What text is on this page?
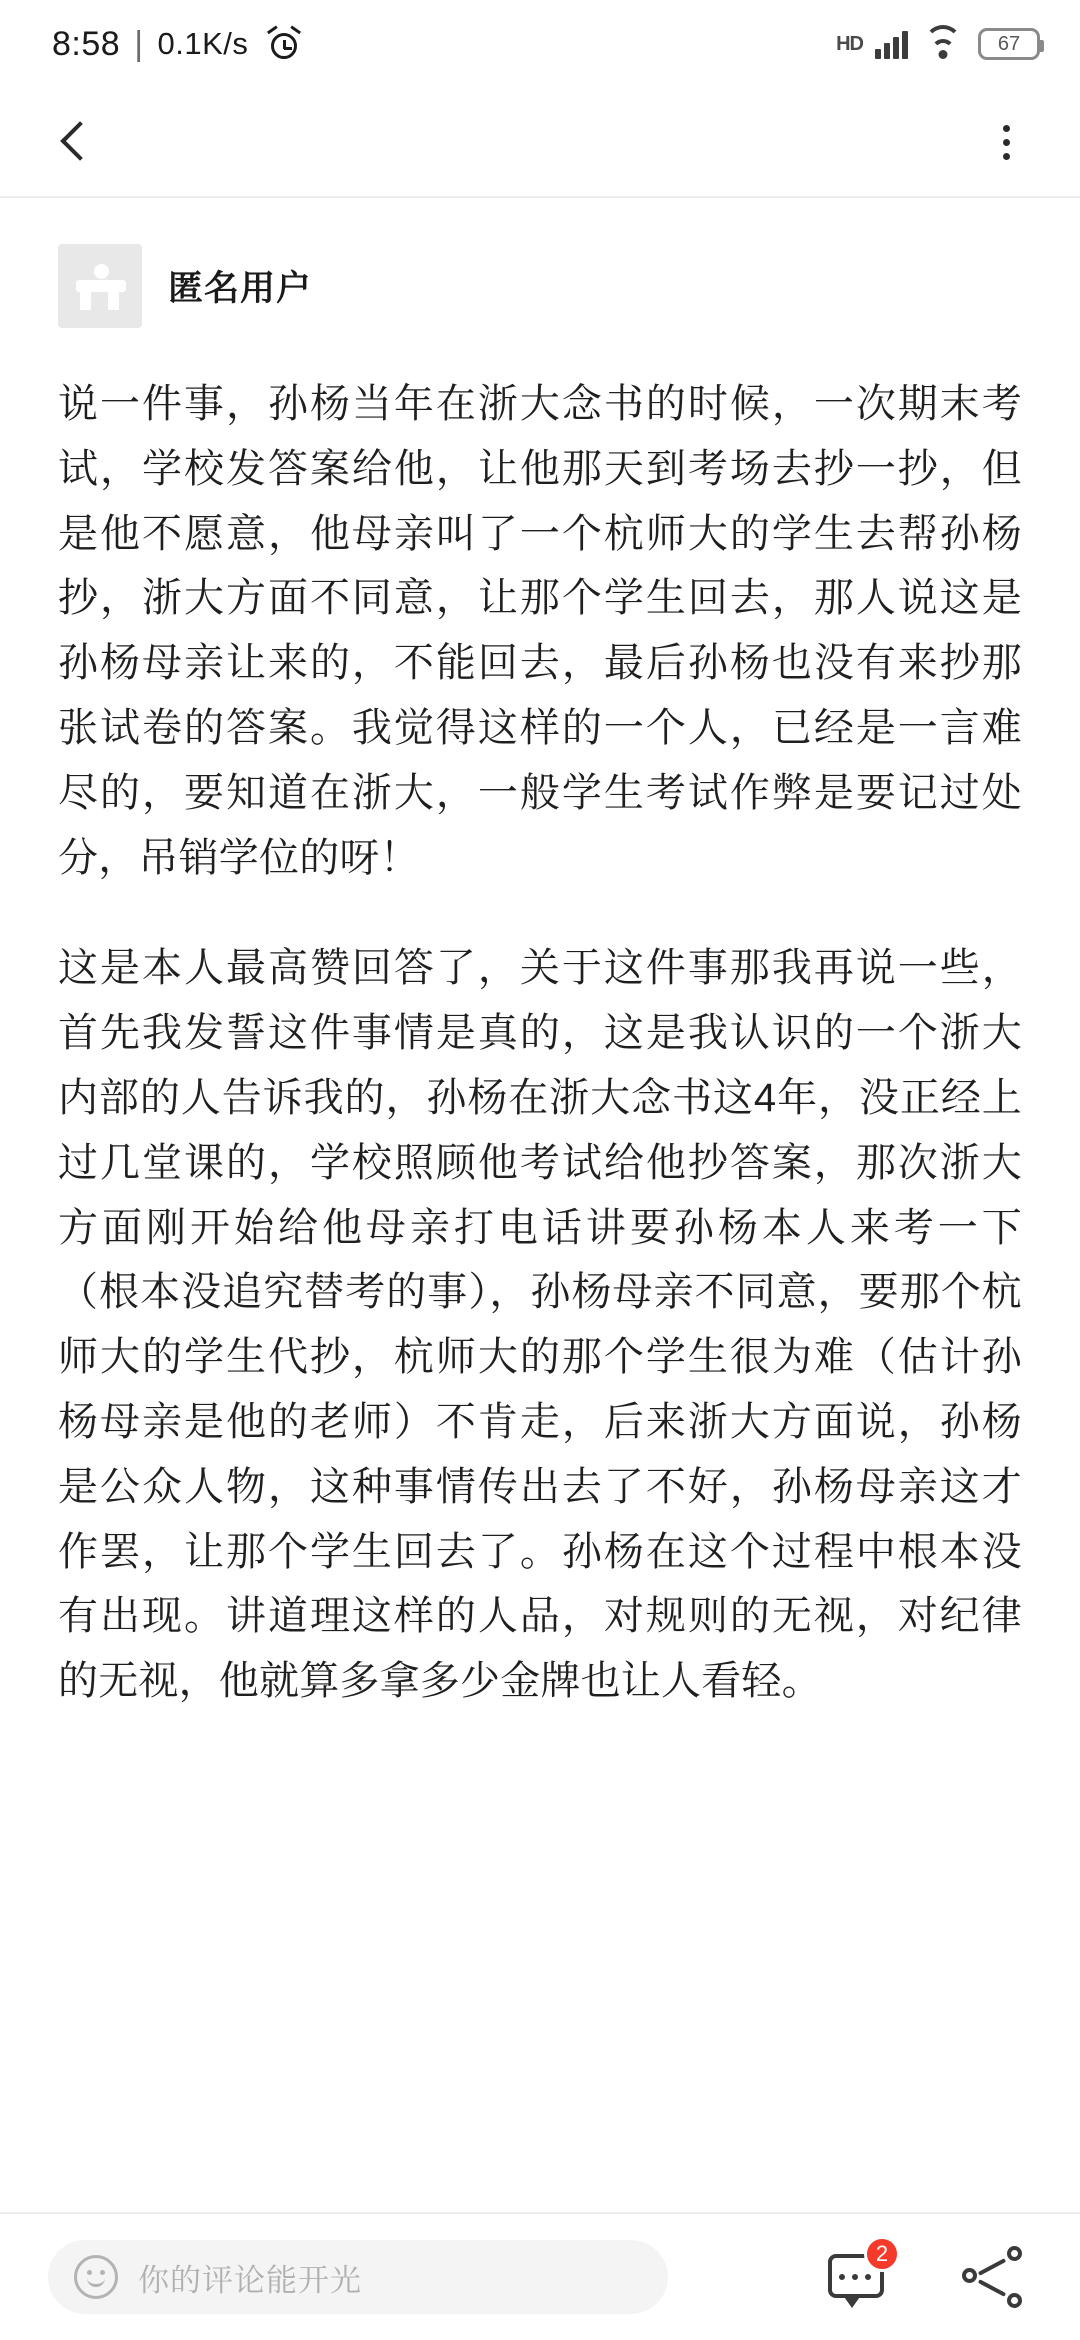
8:58 | 0.1K/s	HD	67
匿名用户

说一件事，孙杨当年在浙大念书的时候，一次期末考试，学校发答案给他，让他那天到考场去抄一抄，但是他不愿意，他母亲叫了一个杭师大的学生去帮孙杨抄，浙大方面不同意，让那个学生回去，那人说这是孙杨母亲让来的，不能回去，最后孙杨也没有来抄那张试卷的答案。我觉得这样的一个人，已经是一言难尽的，要知道在浙大，一般学生考试作弊是要记过处分，吊销学位的呀！

这是本人最高赞回答了，关于这件事那我再说一些，首先我发誓这件事情是真的，这是我认识的一个浙大内部的人告诉我的，孙杨在浙大念书这4年，没正经上过几堂课的，学校照顾他考试给他抄答案，那次浙大方面刚开始给他母亲打电话讲要孙杨本人来考一下（根本没追究替考的事），孙杨母亲不同意，要那个杭师大的学生代抄，杭师大的那个学生很为难（估计孙杨母亲是他的老师）不肯走，后来浙大方面说，孙杨是公众人物，这种事情传出去了不好，孙杨母亲这才作罢，让那个学生回去了。孙杨在这个过程中根本没有出现。讲道理这样的人品，对规则的无视，对纪律的无视，他就算多拿多少金牌也让人看轻。

你的评论能开光
2
